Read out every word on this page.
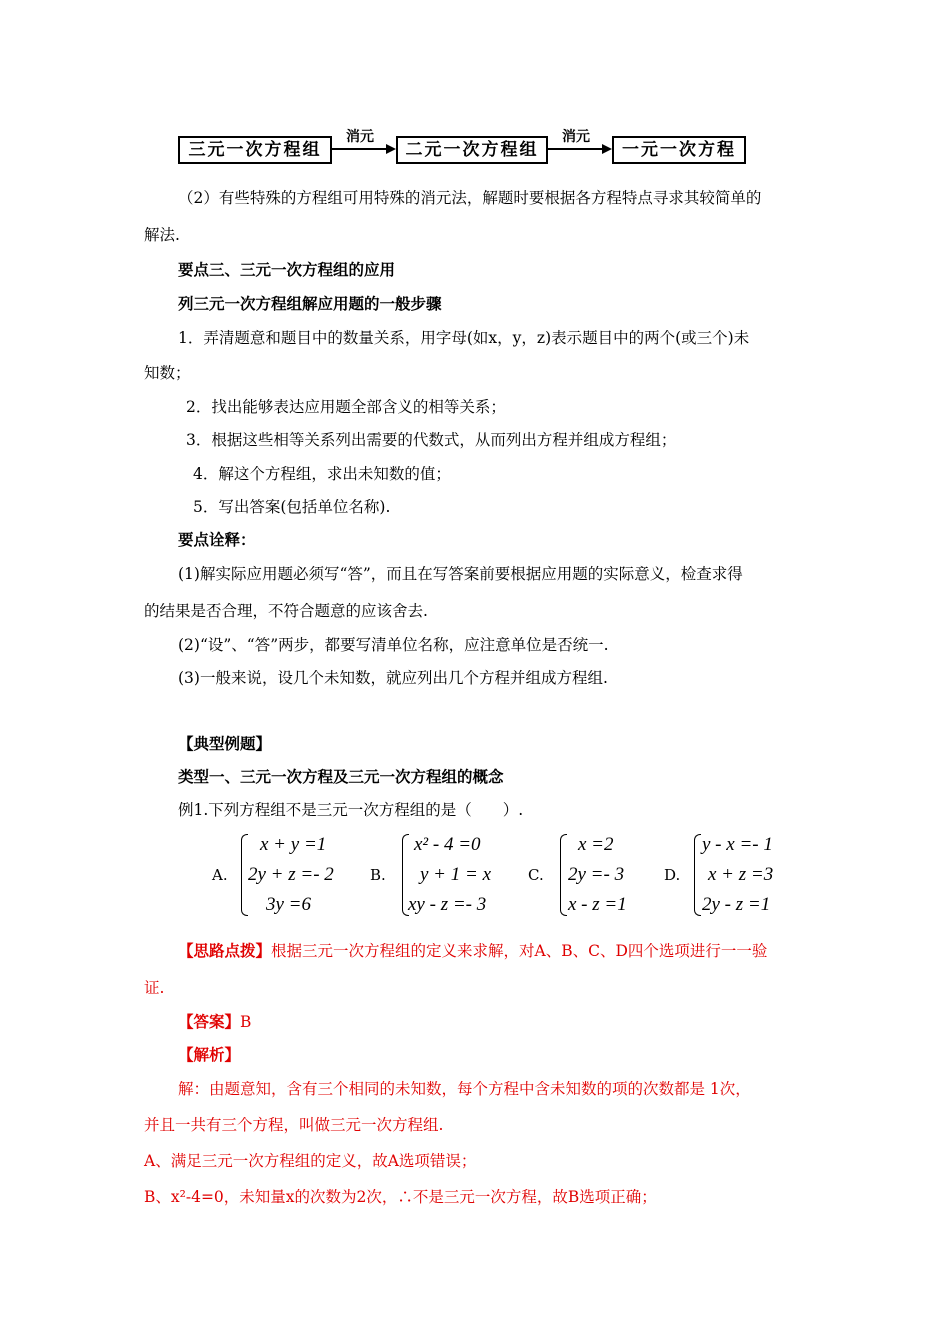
三元一次方程组
消元
二元一次方程组
消元
一元一次方程
（2）有些特殊的方程组可用特殊的消元法，解题时要根据各方程特点寻求其较简单的
解法.
要点三、三元一次方程组的应用
列三元一次方程组解应用题的一般步骤
1．弄清题意和题目中的数量关系，用字母(如x，y，z)表示题目中的两个(或三个)未
知数；
2．找出能够表达应用题全部含义的相等关系；
3．根据这些相等关系列出需要的代数式，从而列出方程并组成方程组；
4．解这个方程组，求出未知数的值；
5．写出答案(包括单位名称).
要点诠释：
(1)解实际应用题必须写“答”，而且在写答案前要根据应用题的实际意义，检查求得
的结果是否合理，不符合题意的应该舍去.
(2)“设”、“答”两步，都要写清单位名称，应注意单位是否统一.
(3)一般来说，设几个未知数，就应列出几个方程并组成方程组.
【典型例题】
类型一、三元一次方程及三元一次方程组的概念
例1.下列方程组不是三元一次方程组的是（　　）.
A.
x + y =1
2y + z =- 2
3y =6
B.
x² - 4 =0
y + 1 = x
xy - z =- 3
C.
x =2
2y =- 3
x - z =1
D.
y - x =- 1
x + z =3
2y - z =1
【思路点拨】根据三元一次方程组的定义来求解，对A、B、C、D四个选项进行一一验
证.
【答案】B
【解析】
解：由题意知，含有三个相同的未知数，每个方程中含未知数的项的次数都是 1次，
并且一共有三个方程，叫做三元一次方程组.
A、满足三元一次方程组的定义，故A选项错误；
B、x²-4=0，未知量x的次数为2次，∴不是三元一次方程，故B选项正确；
